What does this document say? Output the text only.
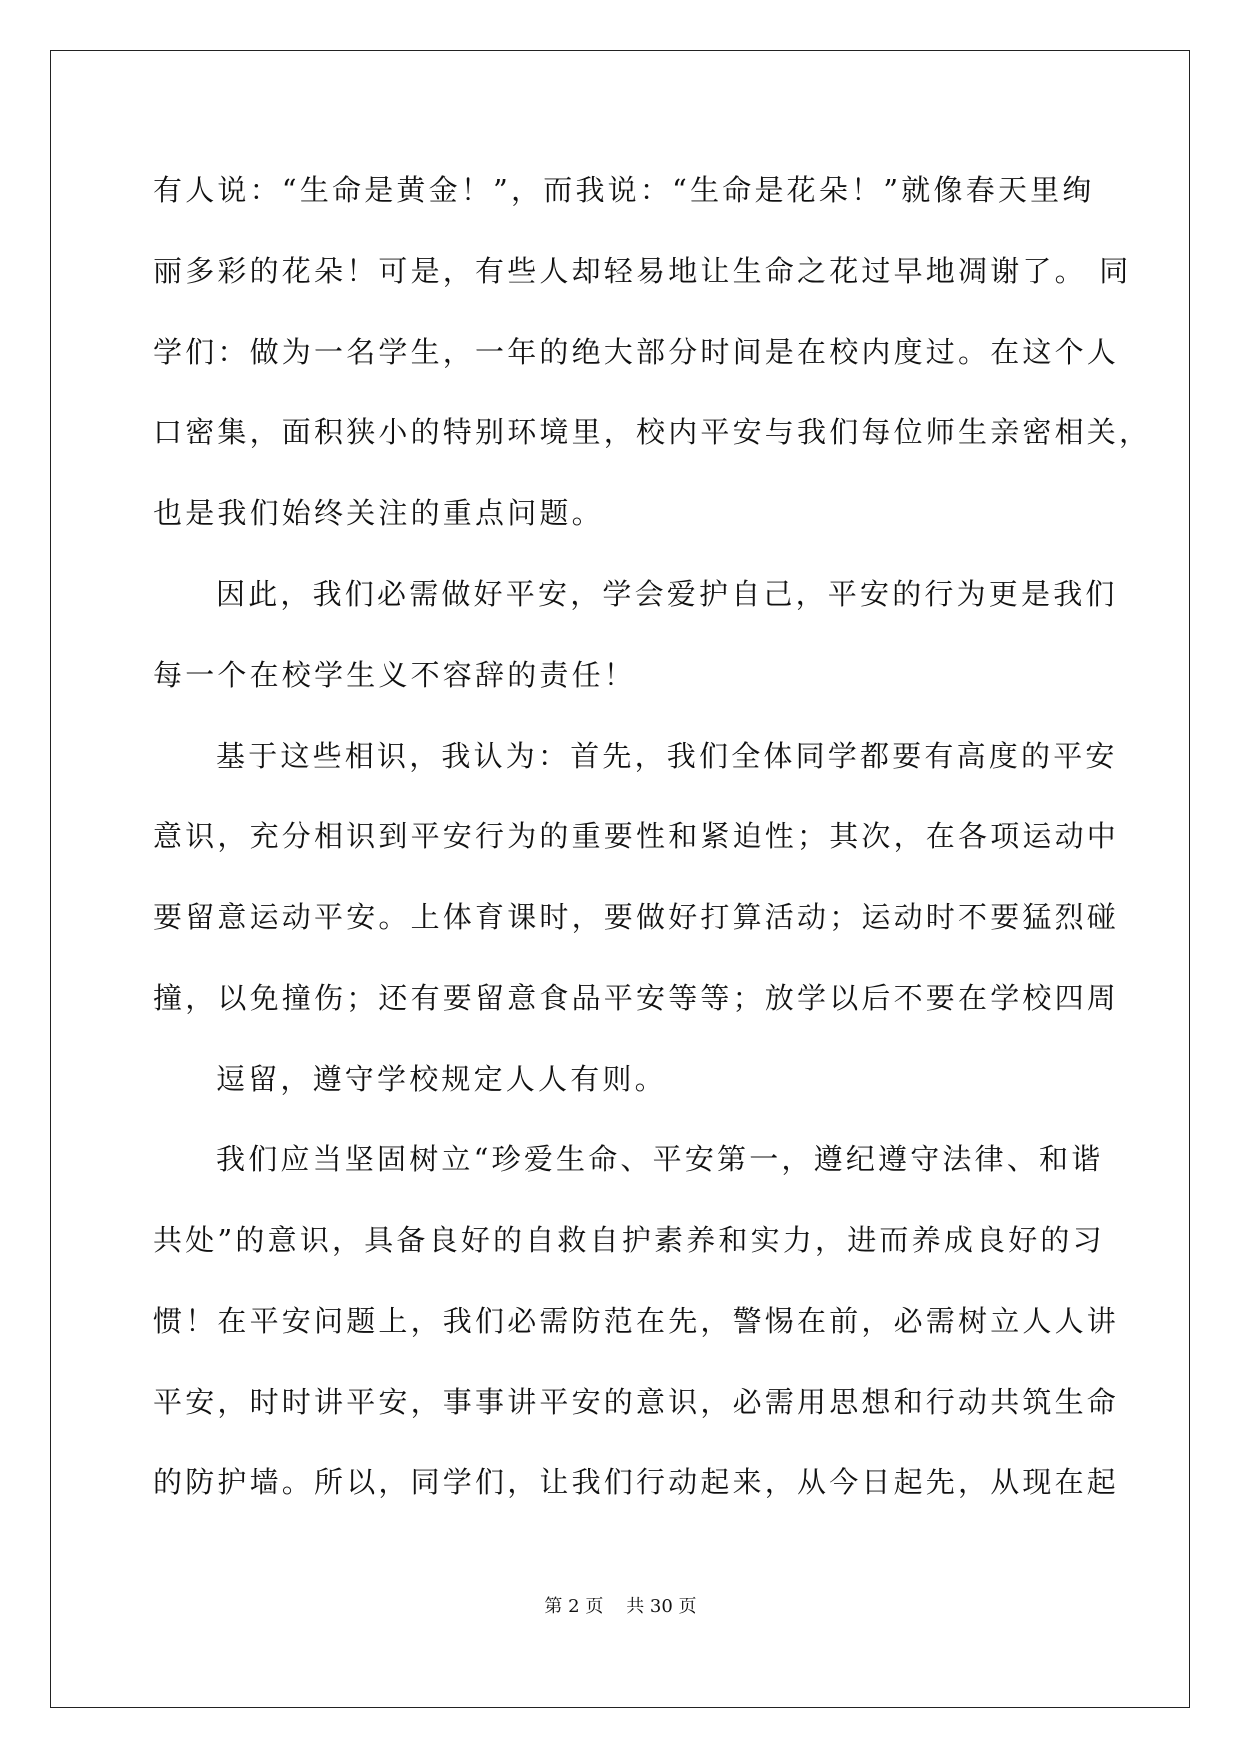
有人说：“生命是黄金！”，而我说：“生命是花朵！”就像春天里绚
丽多彩的花朵！可是，有些人却轻易地让生命之花过早地凋谢了。 同
学们：做为一名学生，一年的绝大部分时间是在校内度过。在这个人
口密集，面积狭小的特别环境里，校内平安与我们每位师生亲密相关，
也是我们始终关注的重点问题。
因此，我们必需做好平安，学会爱护自己，平安的行为更是我们
每一个在校学生义不容辞的责任！
基于这些相识，我认为：首先，我们全体同学都要有高度的平安
意识，充分相识到平安行为的重要性和紧迫性；其次，在各项运动中
要留意运动平安。上体育课时，要做好打算活动；运动时不要猛烈碰
撞，以免撞伤；还有要留意食品平安等等；放学以后不要在学校四周
逗留，遵守学校规定人人有则。
我们应当坚固树立“珍爱生命、平安第一，遵纪遵守法律、和谐
共处”的意识，具备良好的自救自护素养和实力，进而养成良好的习
惯！在平安问题上，我们必需防范在先，警惕在前，必需树立人人讲
平安，时时讲平安，事事讲平安的意识，必需用思想和行动共筑生命
的防护墙。所以，同学们，让我们行动起来，从今日起先，从现在起
第 2 页    共 30 页
